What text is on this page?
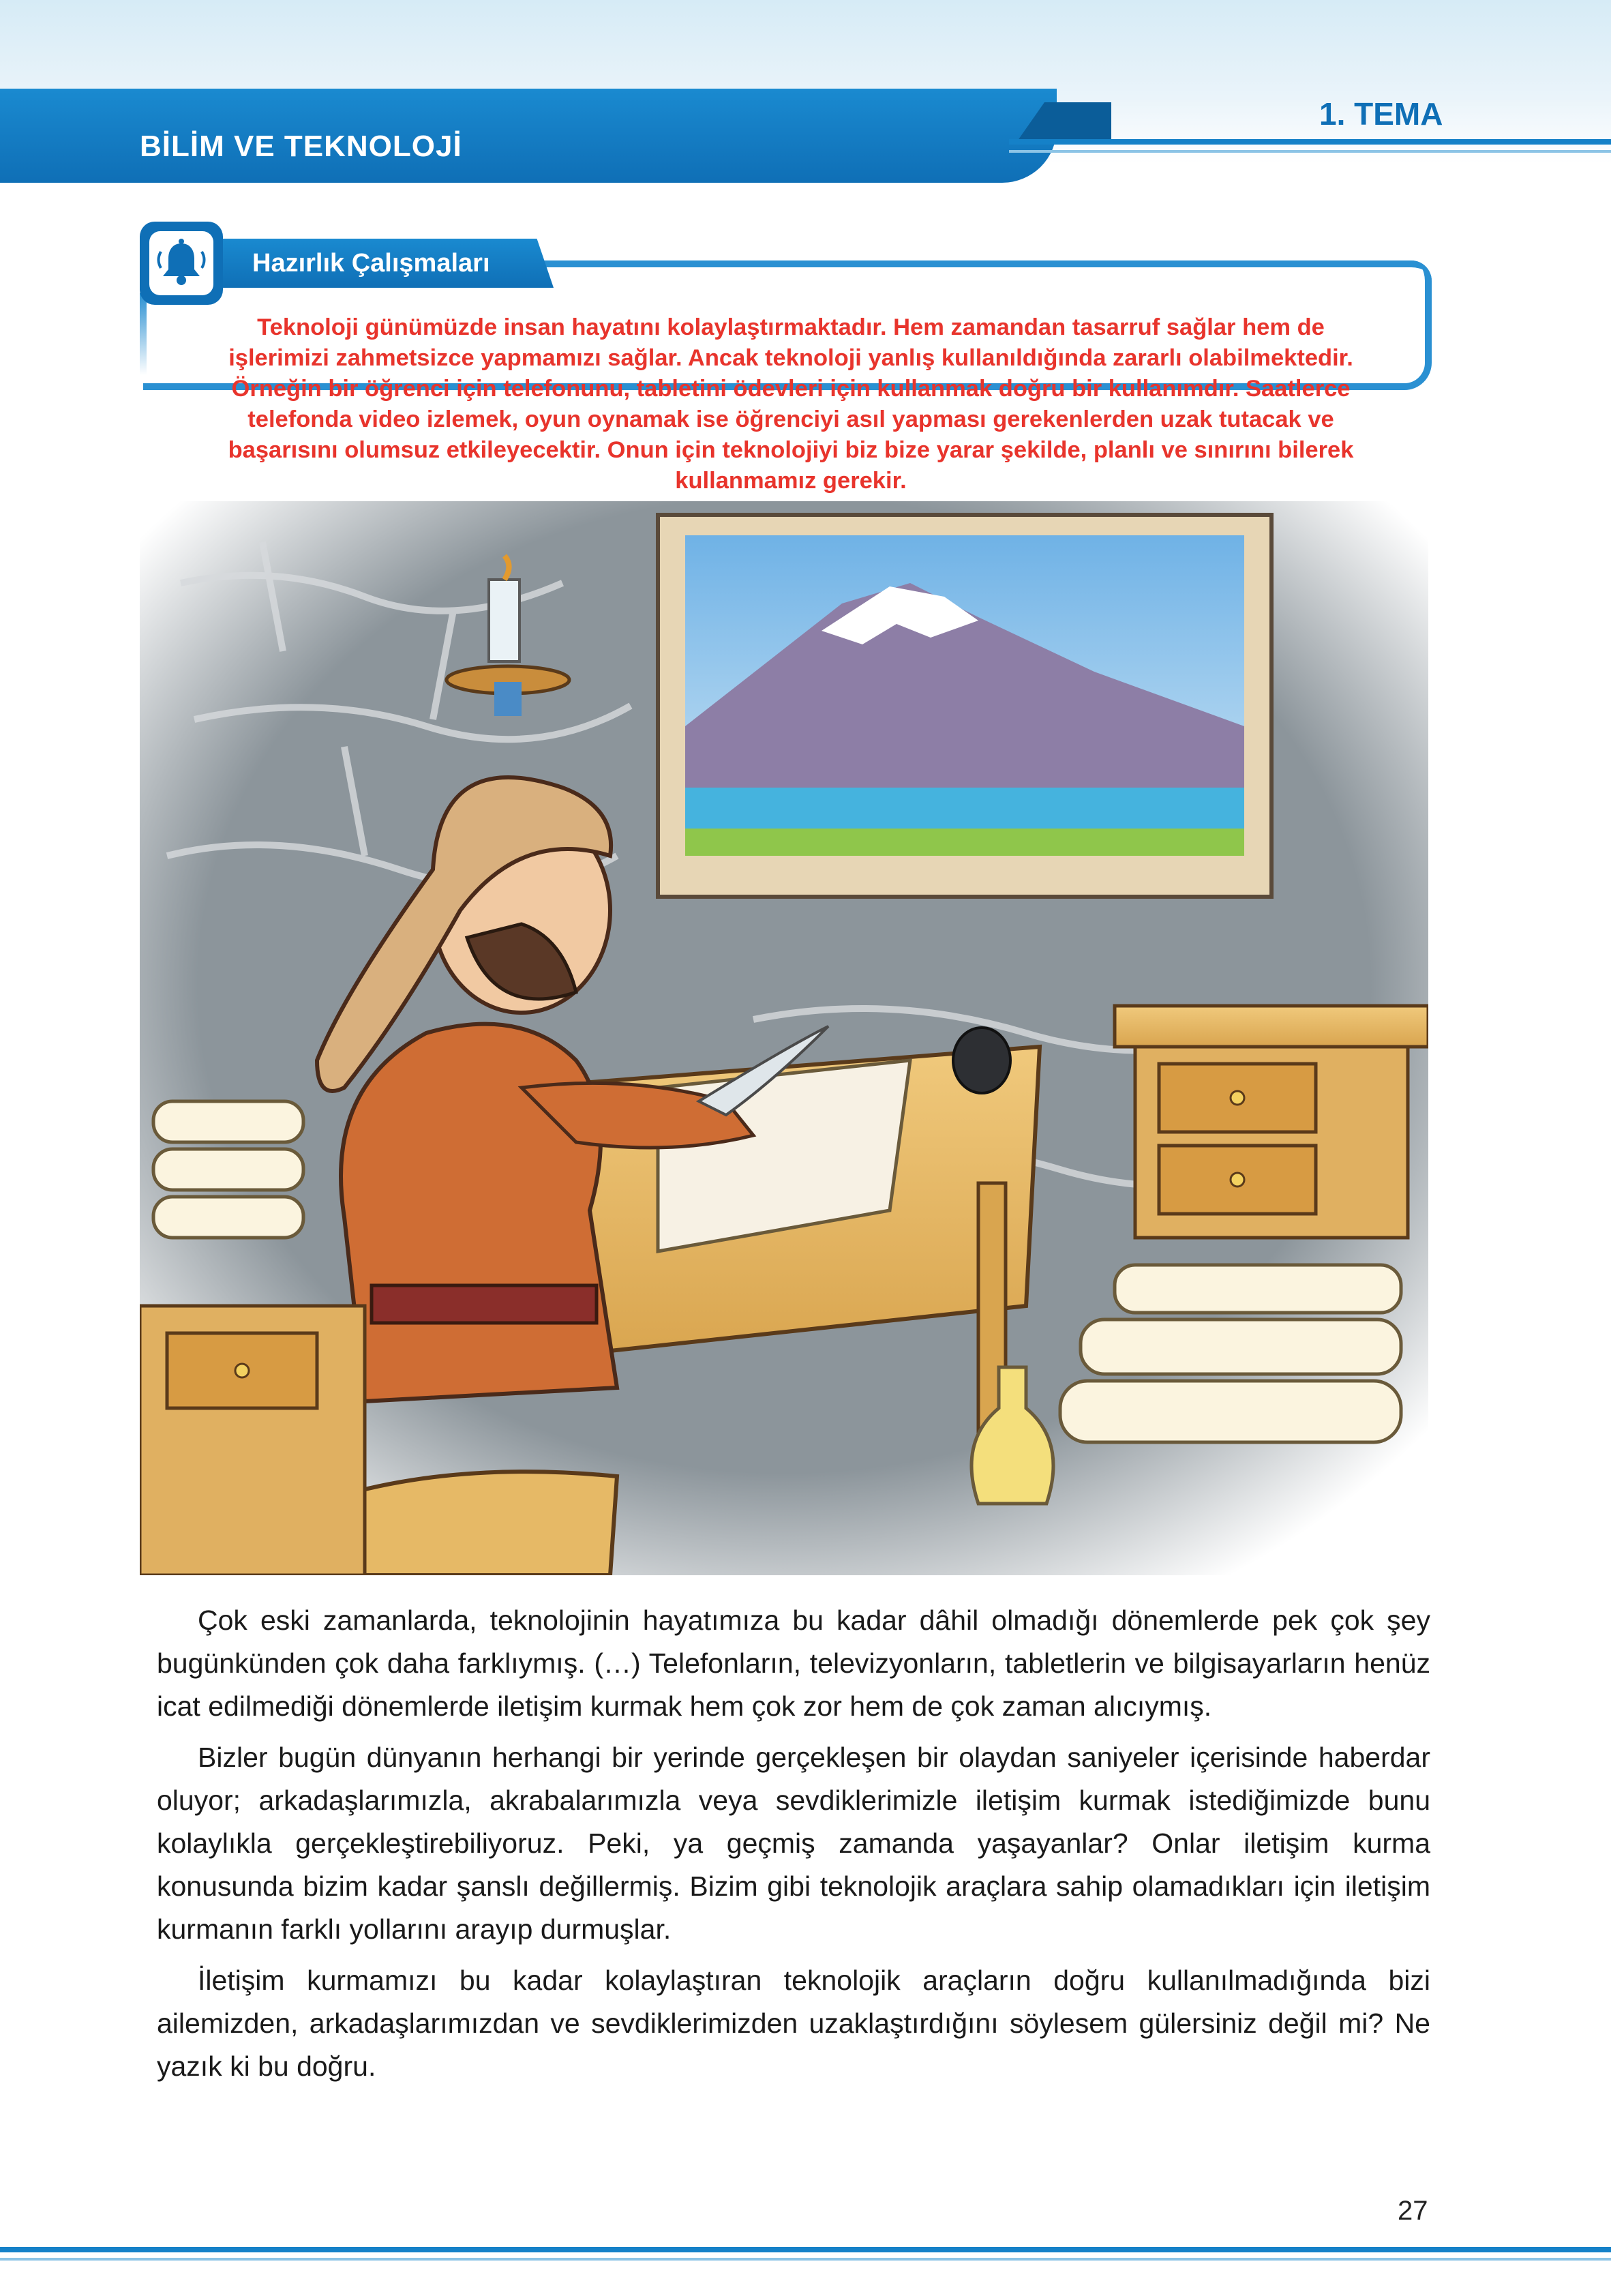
BİLİM VE TEKNOLOJİ
1. TEMA
Hazırlık Çalışmaları
Teknoloji günümüzde insan hayatını kolaylaştırmaktadır. Hem zamandan tasarruf sağlar hem de
işlerimizi zahmetsizce yapmamızı sağlar. Ancak teknoloji yanlış kullanıldığında zararlı olabilmektedir.
Örneğin bir öğrenci için telefonunu, tabletini ödevleri için kullanmak doğru bir kullanımdır. Saatlerce
telefonda video izlemek, oyun oynamak ise öğrenciyi asıl yapması gerekenlerden uzak tutacak ve
başarısını olumsuz etkileyecektir. Onun için teknolojiyi biz bize yarar şekilde, planlı ve sınırını bilerek
kullanmamız gerekir.

Çok eski zamanlarda, teknolojinin hayatımıza bu kadar dâhil olmadığı dönemlerde pek çok şey bugünkünden çok daha farklıymış. (…) Telefonların, televizyonların, tabletlerin ve bilgisayarların henüz icat edilmediği dönemlerde iletişim kurmak hem çok zor hem de çok zaman alıcıymış.

Bizler bugün dünyanın herhangi bir yerinde gerçekleşen bir olaydan saniyeler içerisinde haberdar oluyor; arkadaşlarımızla, akrabalarımızla veya sevdiklerimizle iletişim kurmak istediğimizde bunu kolaylıkla gerçekleştirebiliyoruz. Peki, ya geçmiş zamanda yaşayanlar? Onlar iletişim kurma konusunda bizim kadar şanslı değillermiş. Bizim gibi teknolojik araçlara sahip olamadıkları için iletişim kurmanın farklı yollarını arayıp durmuşlar.

İletişim kurmamızı bu kadar kolaylaştıran teknolojik araçların doğru kullanılmadığında bizi ailemizden, arkadaşlarımızdan ve sevdiklerimizden uzaklaştırdığını söylesem gülersiniz değil mi? Ne yazık ki bu doğru.

27
